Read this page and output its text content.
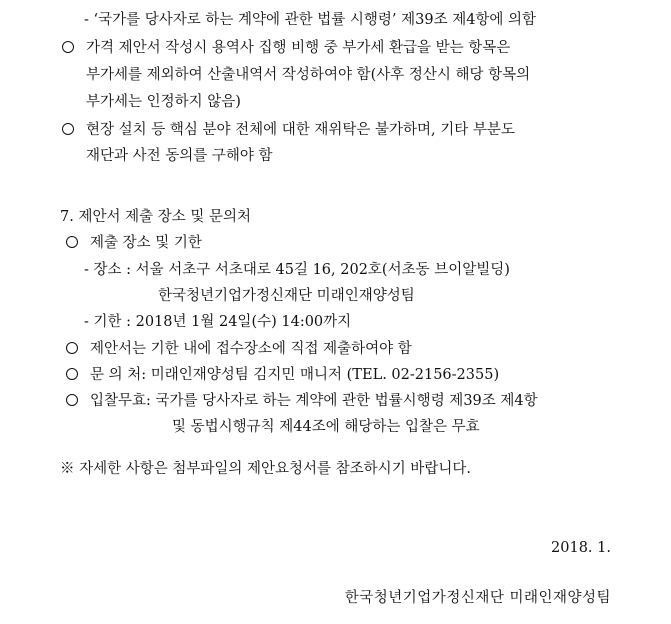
- ‘국가를 당사자로 하는 계약에 관한 법률 시행령’ 제39조 제4항에 의함
가격 제안서 작성시 용역사 집행 비행 중 부가세 환급을 받는 항목은
부가세를 제외하여 산출내역서 작성하여야 함(사후 정산시 해당 항목의
부가세는 인정하지 않음)
현장 설치 등 핵심 분야 전체에 대한 재위탁은 불가하며, 기타 부분도
재단과 사전 동의를 구해야 함
7. 제안서 제출 장소 및 문의처
제출 장소 및 기한
- 장소 : 서울 서초구 서초대로 45길 16, 202호(서초동 브이알빌딩)
한국청년기업가정신재단 미래인재양성팀
- 기한 : 2018년 1월 24일(수) 14:00까지
제안서는 기한 내에 접수장소에 직접 제출하여야 함
문 의 처: 미래인재양성팀 김지민 매니저 (TEL. 02-2156-2355)
입찰무효: 국가를 당사자로 하는 계약에 관한 법률시행령 제39조 제4항
및 동법시행규칙 제44조에 해당하는 입찰은 무효
※ 자세한 사항은 첨부파일의 제안요청서를 참조하시기 바랍니다.
2018. 1.
한국청년기업가정신재단 미래인재양성팀
